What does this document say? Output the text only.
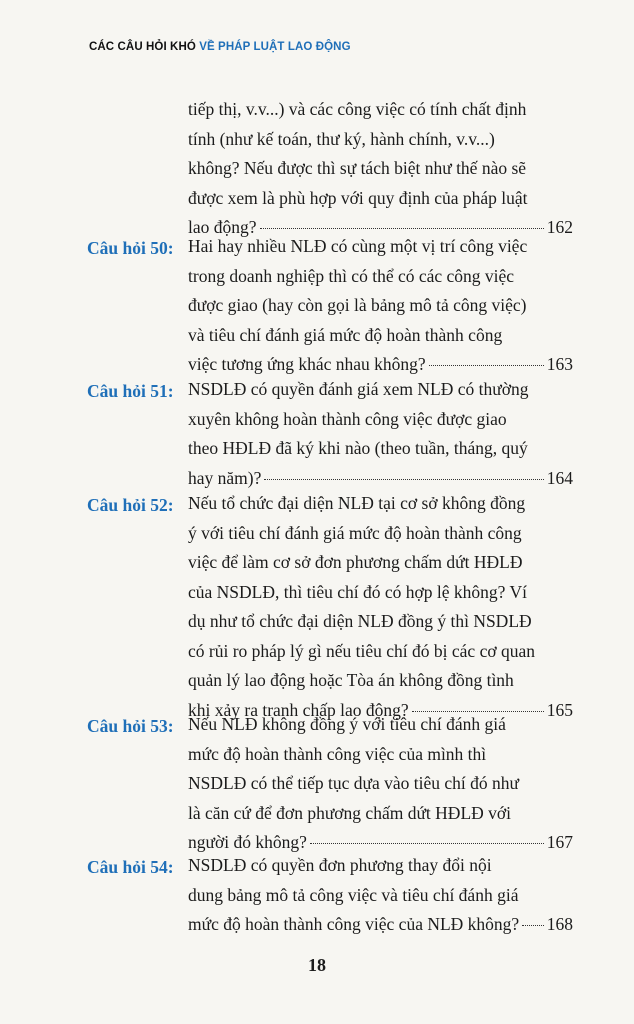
CÁC CÂU HỎI KHÓ VỀ PHÁP LUẬT LAO ĐỘNG
tiếp thị, v.v...) và các công việc có tính chất định
tính (như kế toán, thư ký, hành chính, v.v...)
không? Nếu được thì sự tách biệt như thế nào sẽ
được xem là phù hợp với quy định của pháp luật
lao động?	162
Câu hỏi 50: Hai hay nhiều NLĐ có cùng một vị trí công việc
trong doanh nghiệp thì có thể có các công việc
được giao (hay còn gọi là bảng mô tả công việc)
và tiêu chí đánh giá mức độ hoàn thành công
việc tương ứng khác nhau không?	163
Câu hỏi 51: NSDLĐ có quyền đánh giá xem NLĐ có thường
xuyên không hoàn thành công việc được giao
theo HĐLĐ đã ký khi nào (theo tuần, tháng, quý
hay năm)?	164
Câu hỏi 52: Nếu tổ chức đại diện NLĐ tại cơ sở không đồng
ý với tiêu chí đánh giá mức độ hoàn thành công
việc để làm cơ sở đơn phương chấm dứt HĐLĐ
của NSDLĐ, thì tiêu chí đó có hợp lệ không? Ví
dụ như tổ chức đại diện NLĐ đồng ý thì NSDLĐ
có rủi ro pháp lý gì nếu tiêu chí đó bị các cơ quan
quản lý lao động hoặc Tòa án không đồng tình
khi xảy ra tranh chấp lao động?	165
Câu hỏi 53: Nếu NLĐ không đồng ý với tiêu chí đánh giá
mức độ hoàn thành công việc của mình thì
NSDLĐ có thể tiếp tục dựa vào tiêu chí đó như
là căn cứ để đơn phương chấm dứt HĐLĐ với
người đó không?	167
Câu hỏi 54: NSDLĐ có quyền đơn phương thay đổi nội
dung bảng mô tả công việc và tiêu chí đánh giá
mức độ hoàn thành công việc của NLĐ không? 168
18
